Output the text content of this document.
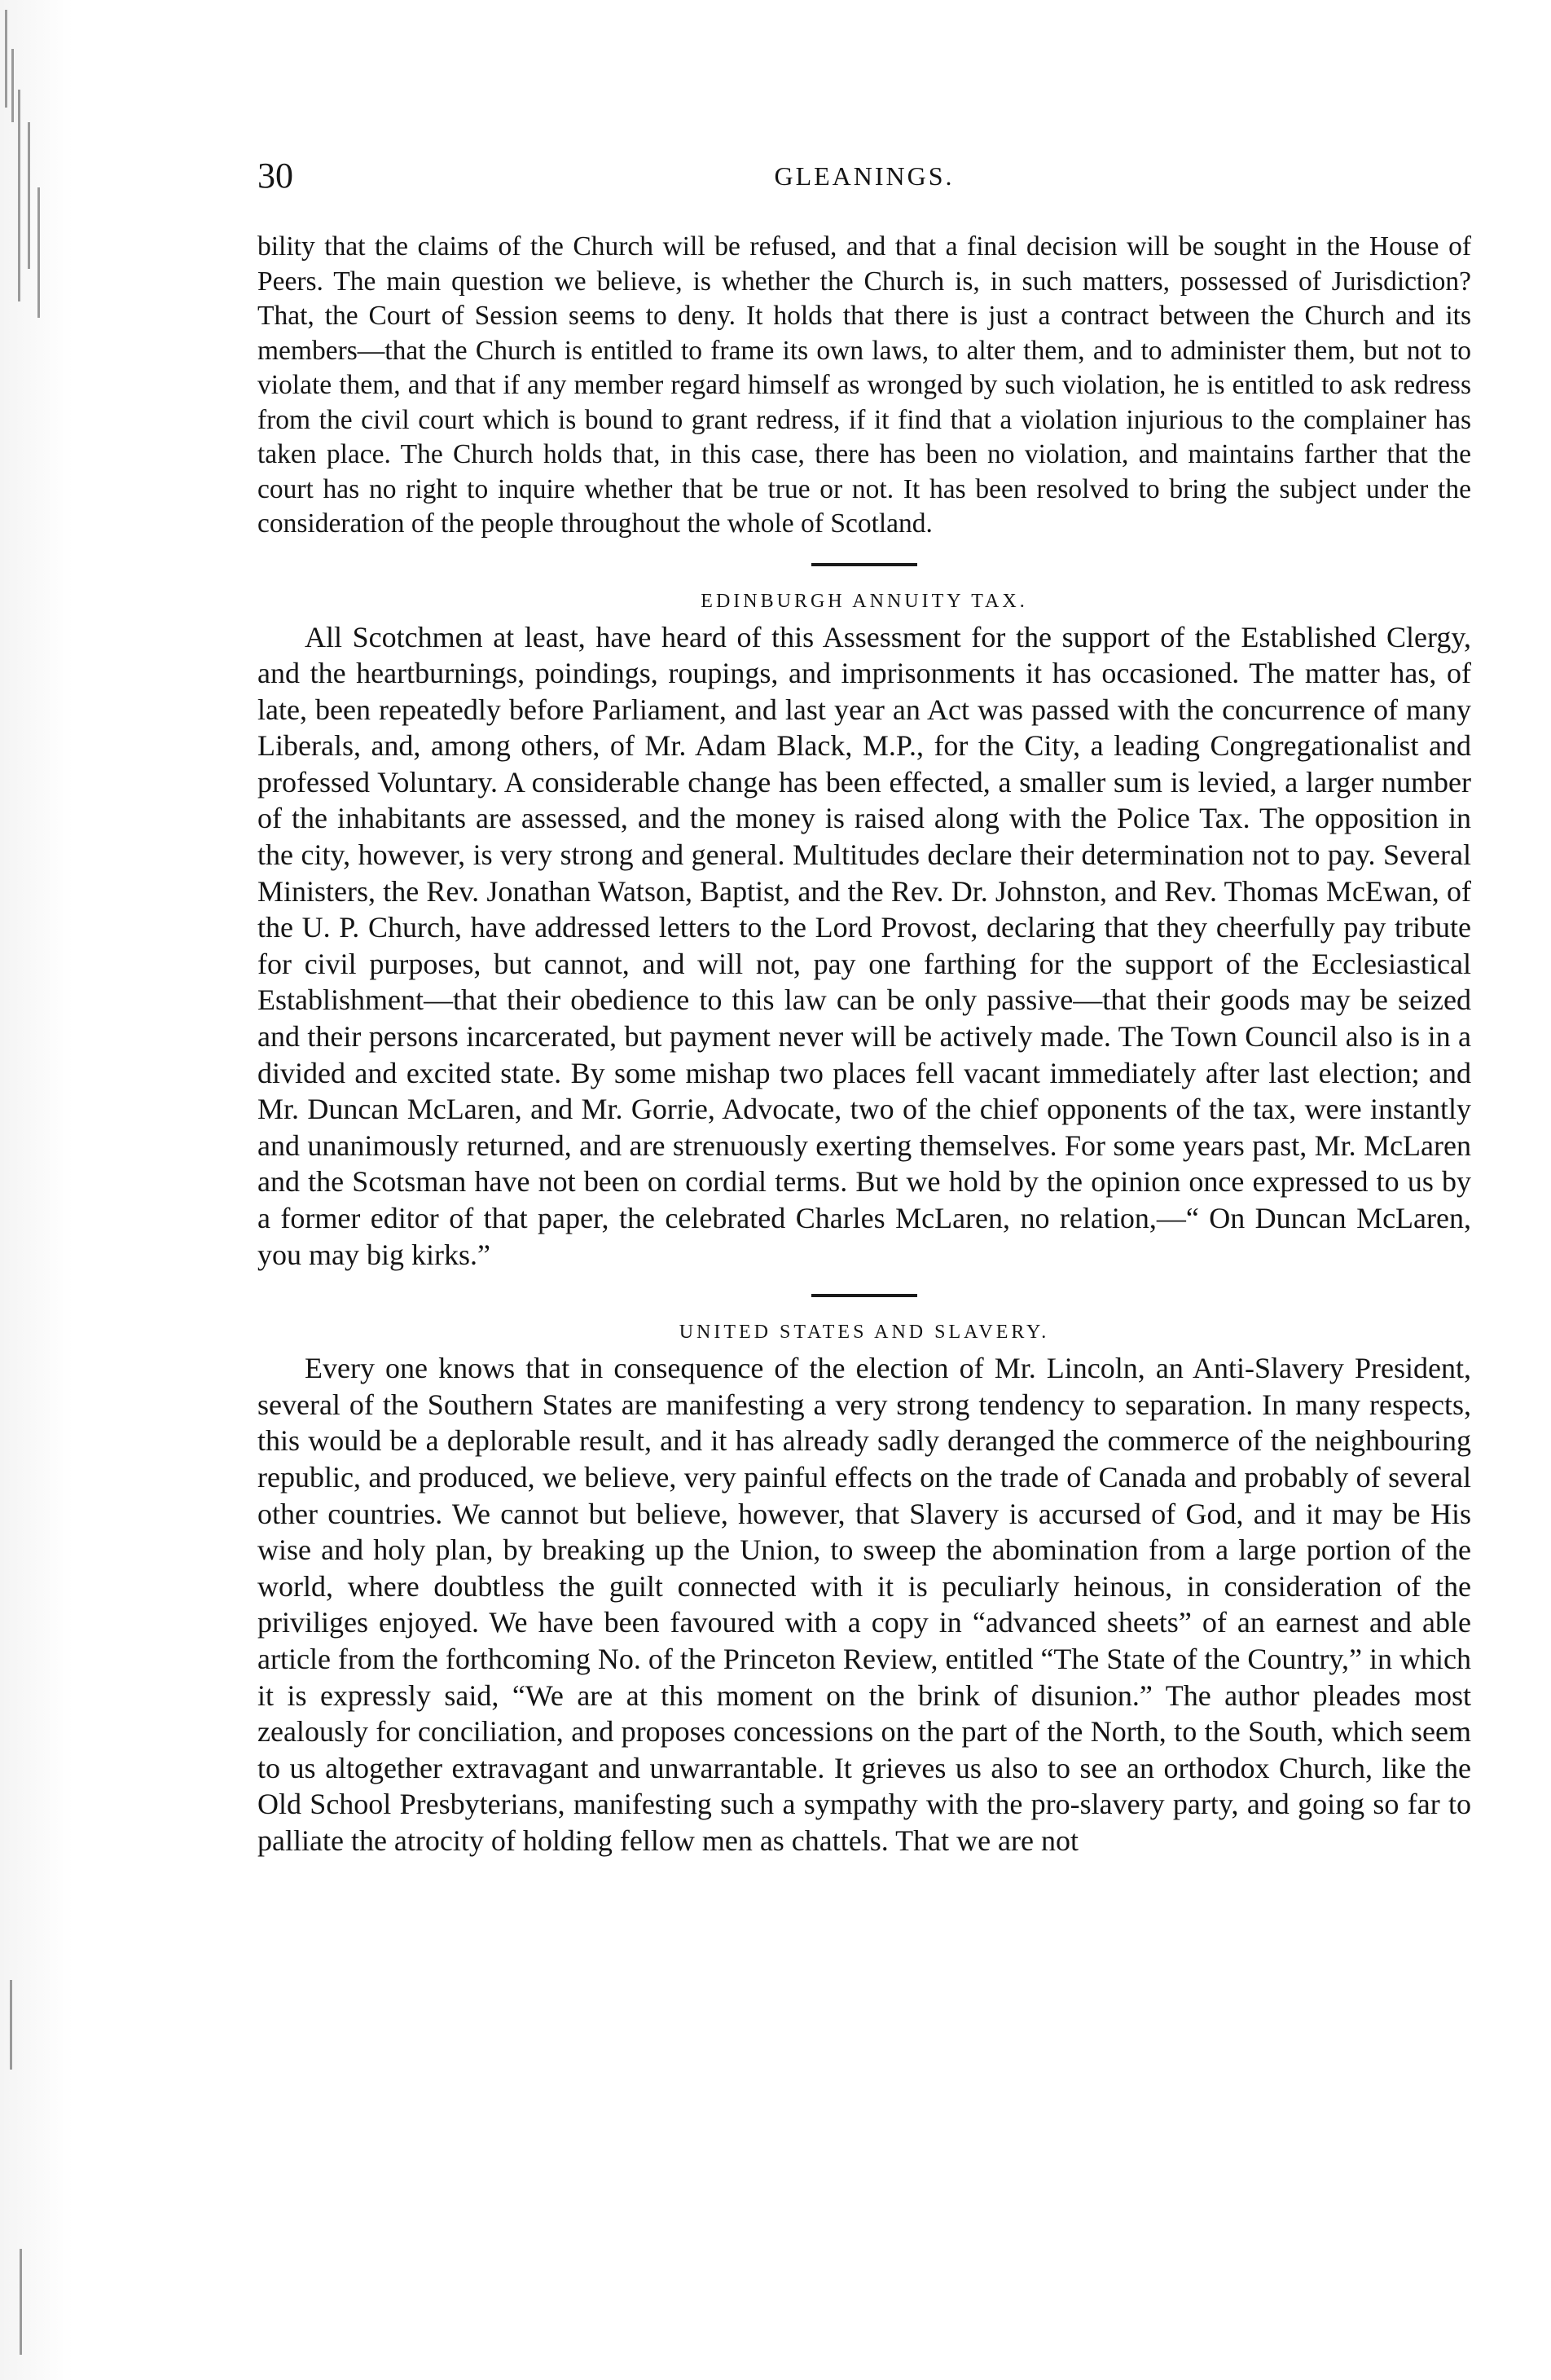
30	GLEANINGS.

bility that the claims of the Church will be refused, and that a final decision will be sought in the House of Peers. The main question we believe, is whether the Church is, in such matters, possessed of Jurisdiction? That, the Court of Session seems to deny. It holds that there is just a contract between the Church and its members—that the Church is entitled to frame its own laws, to alter them, and to administer them, but not to violate them, and that if any member regard himself as wronged by such violation, he is entitled to ask redress from the civil court which is bound to grant redress, if it find that a violation injurious to the complainer has taken place. The Church holds that, in this case, there has been no violation, and maintains farther that the court has no right to inquire whether that be true or not. It has been resolved to bring the subject under the consideration of the people throughout the whole of Scotland.

EDINBURGH ANNUITY TAX.

All Scotchmen at least, have heard of this Assessment for the support of the Established Clergy, and the heartburnings, poindings, roupings, and imprisonments it has occasioned. The matter has, of late, been repeatedly before Parliament, and last year an Act was passed with the concurrence of many Liberals, and, among others, of Mr. Adam Black, M.P., for the City, a leading Congregationalist and professed Voluntary. A considerable change has been effected, a smaller sum is levied, a larger number of the inhabitants are assessed, and the money is raised along with the Police Tax. The opposition in the city, however, is very strong and general. Multitudes declare their determination not to pay. Several Ministers, the Rev. Jonathan Watson, Baptist, and the Rev. Dr. Johnston, and Rev. Thomas McEwan, of the U. P. Church, have addressed letters to the Lord Provost, declaring that they cheerfully pay tribute for civil purposes, but cannot, and will not, pay one farthing for the support of the Ecclesiastical Establishment—that their obedience to this law can be only passive—that their goods may be seized and their persons incarcerated, but payment never will be actively made. The Town Council also is in a divided and excited state. By some mishap two places fell vacant immediately after last election; and Mr. Duncan McLaren, and Mr. Gorrie, Advocate, two of the chief opponents of the tax, were instantly and unanimously returned, and are strenuously exerting themselves. For some years past, Mr. McLaren and the Scotsman have not been on cordial terms. But we hold by the opinion once expressed to us by a former editor of that paper, the celebrated Charles McLaren, no relation,—“ On Duncan McLaren, you may big kirks.”

UNITED STATES AND SLAVERY.

Every one knows that in consequence of the election of Mr. Lincoln, an Anti-Slavery President, several of the Southern States are manifesting a very strong tendency to separation. In many respects, this would be a deplorable result, and it has already sadly deranged the commerce of the neighbouring republic, and produced, we believe, very painful effects on the trade of Canada and probably of several other countries. We cannot but believe, however, that Slavery is accursed of God, and it may be His wise and holy plan, by breaking up the Union, to sweep the abomination from a large portion of the world, where doubtless the guilt connected with it is peculiarly heinous, in consideration of the priviliges enjoyed. We have been favoured with a copy in “advanced sheets” of an earnest and able article from the forthcoming No. of the Princeton Review, entitled “The State of the Country,” in which it is expressly said, “We are at this moment on the brink of disunion.” The author pleades most zealously for conciliation, and proposes concessions on the part of the North, to the South, which seem to us altogether extravagant and unwarrantable. It grieves us also to see an orthodox Church, like the Old School Presbyterians, manifesting such a sympathy with the pro-slavery party, and going so far to palliate the atrocity of holding fellow men as chattels. That we are not
